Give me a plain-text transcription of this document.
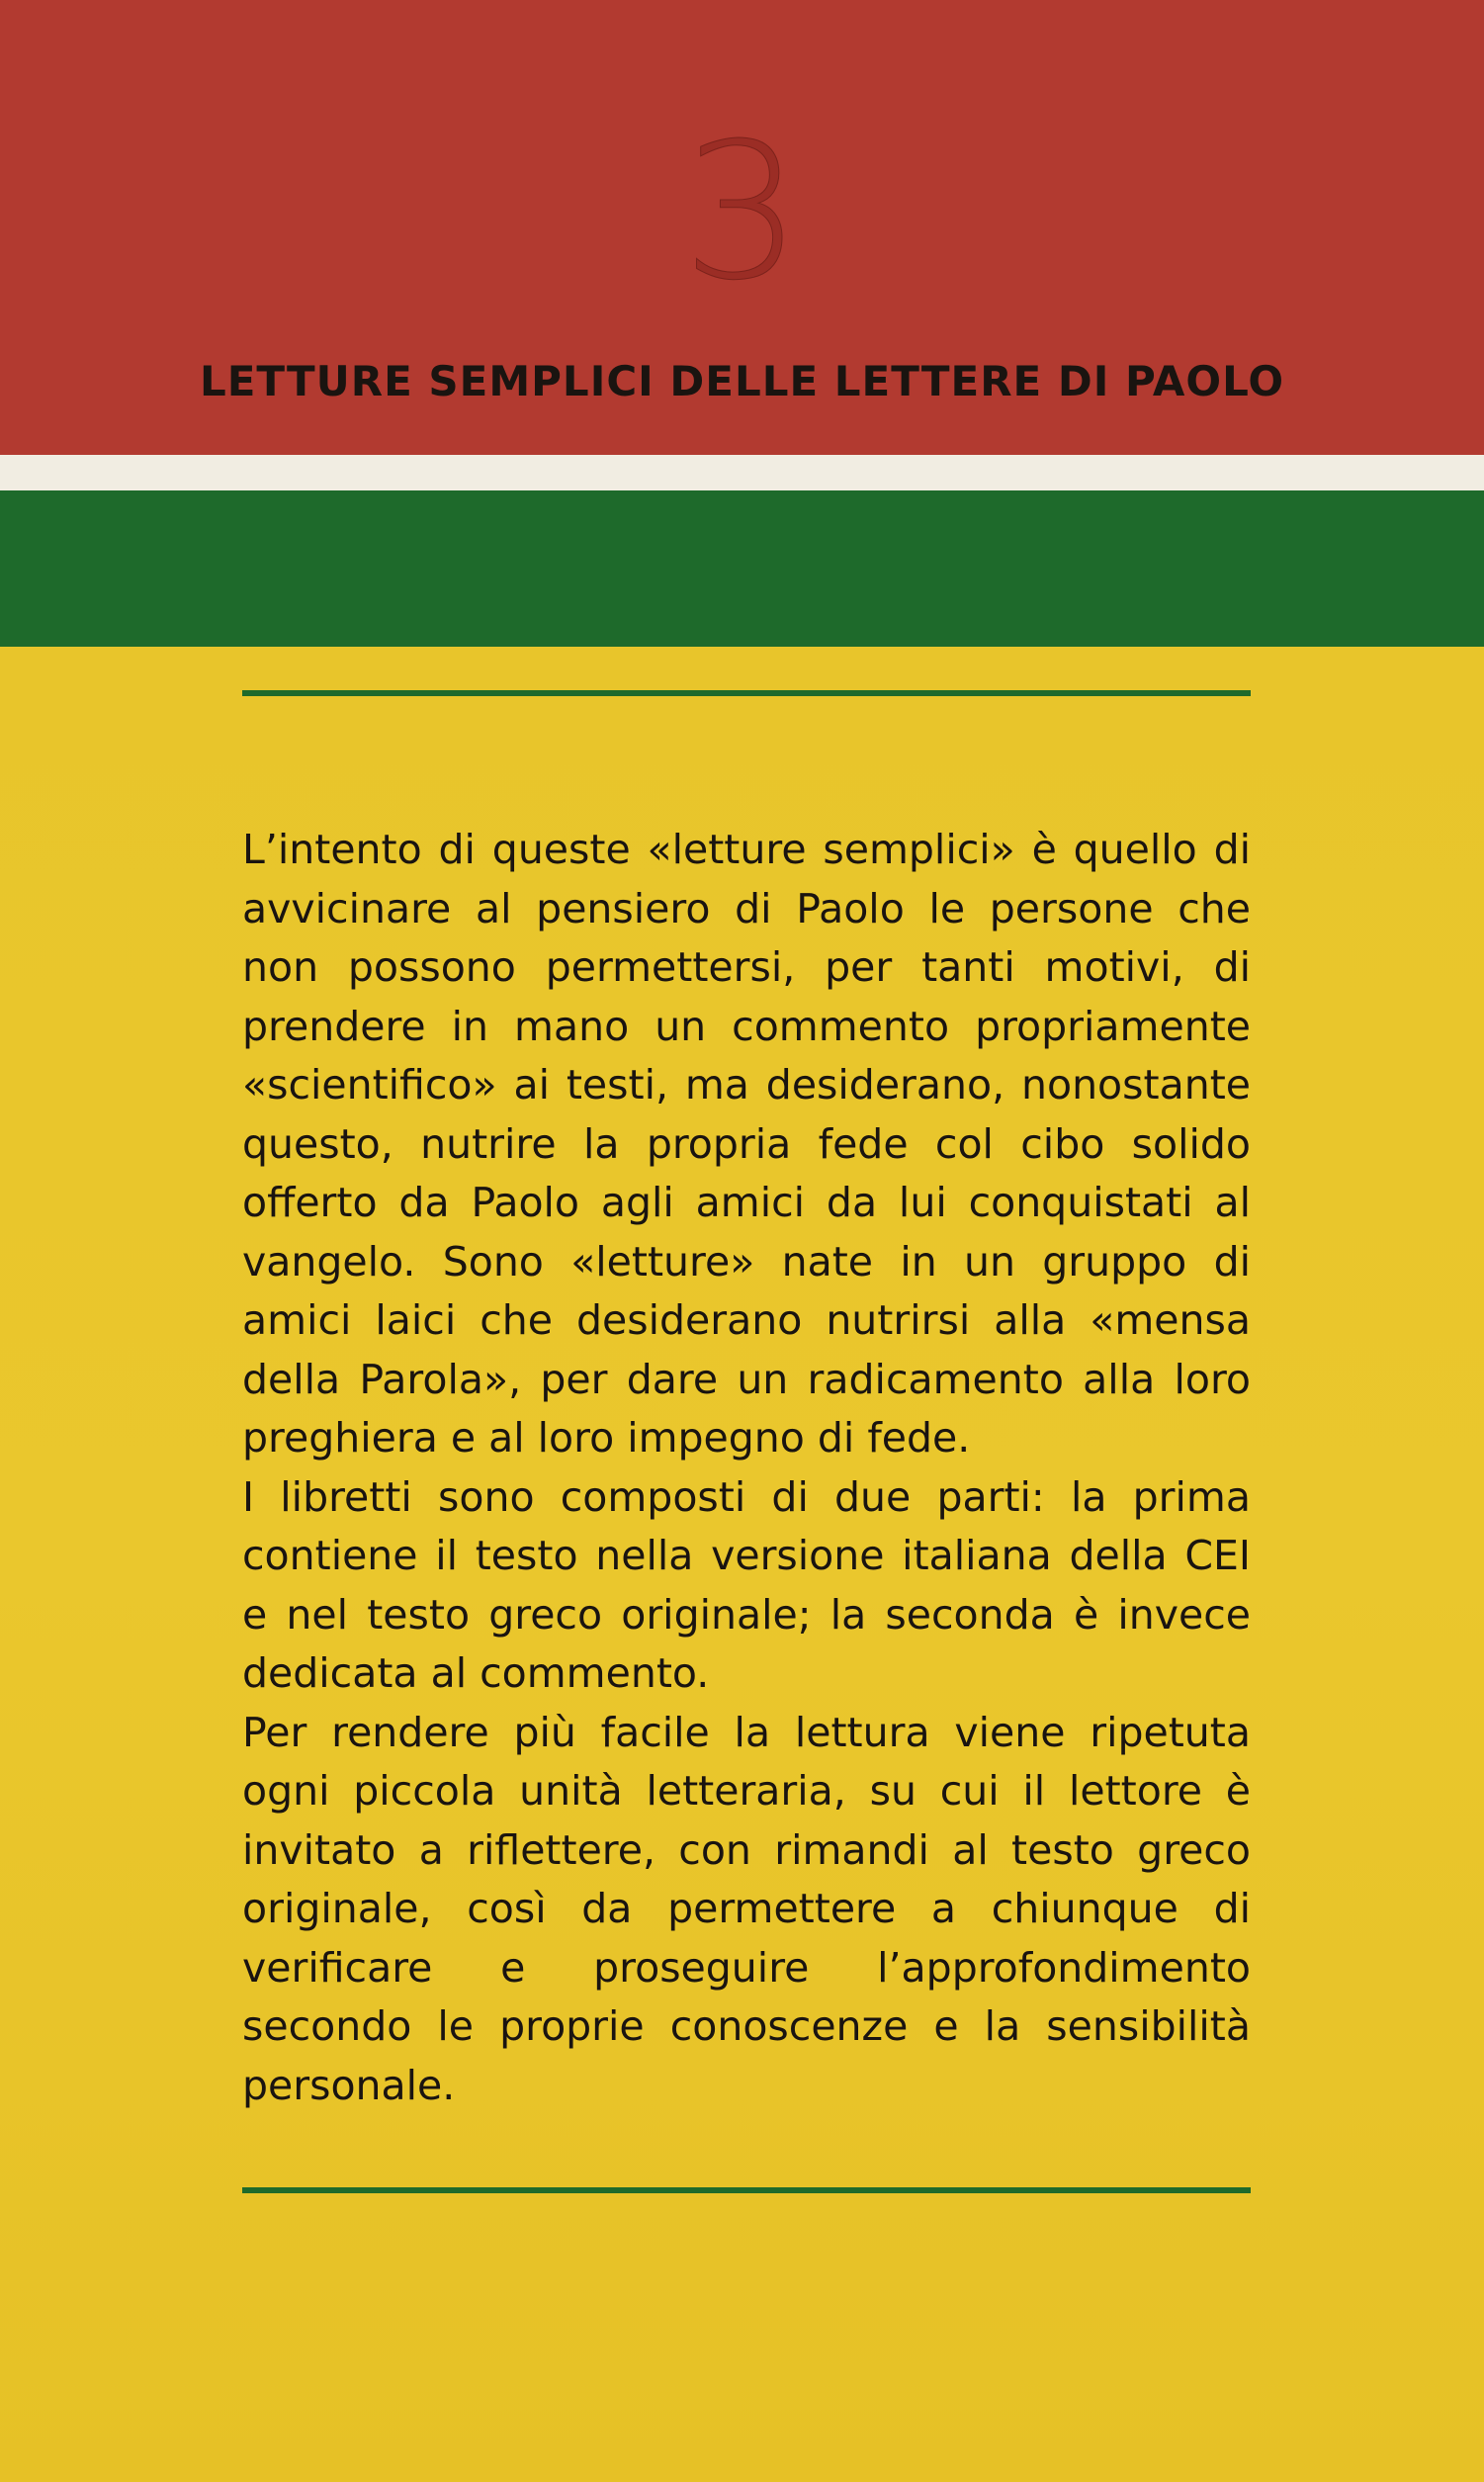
3
LETTURE SEMPLICI DELLE LETTERE DI PAOLO

L’intento di queste «letture semplici» è quello di avvicinare al pensiero di Paolo le persone che non possono permettersi, per tanti motivi, di prendere in mano un commento propriamente «scientifico» ai testi, ma desiderano, nonostante questo, nutrire la propria fede col cibo solido offerto da Paolo agli amici da lui conquistati al vangelo. Sono «letture» nate in un gruppo di amici laici che desiderano nutrirsi alla «mensa della Parola», per dare un radicamento alla loro preghiera e al loro impegno di fede.

I libretti sono composti di due parti: la prima contiene il testo nella versione italiana della CEI e nel testo greco originale; la seconda è invece dedicata al commento.

Per rendere più facile la lettura viene ripetuta ogni piccola unità letteraria, su cui il lettore è invitato a riflettere, con rimandi al testo greco originale, così da permettere a chiunque di verificare e proseguire l’approfondimento secondo le proprie conoscenze e la sensibilità personale.
